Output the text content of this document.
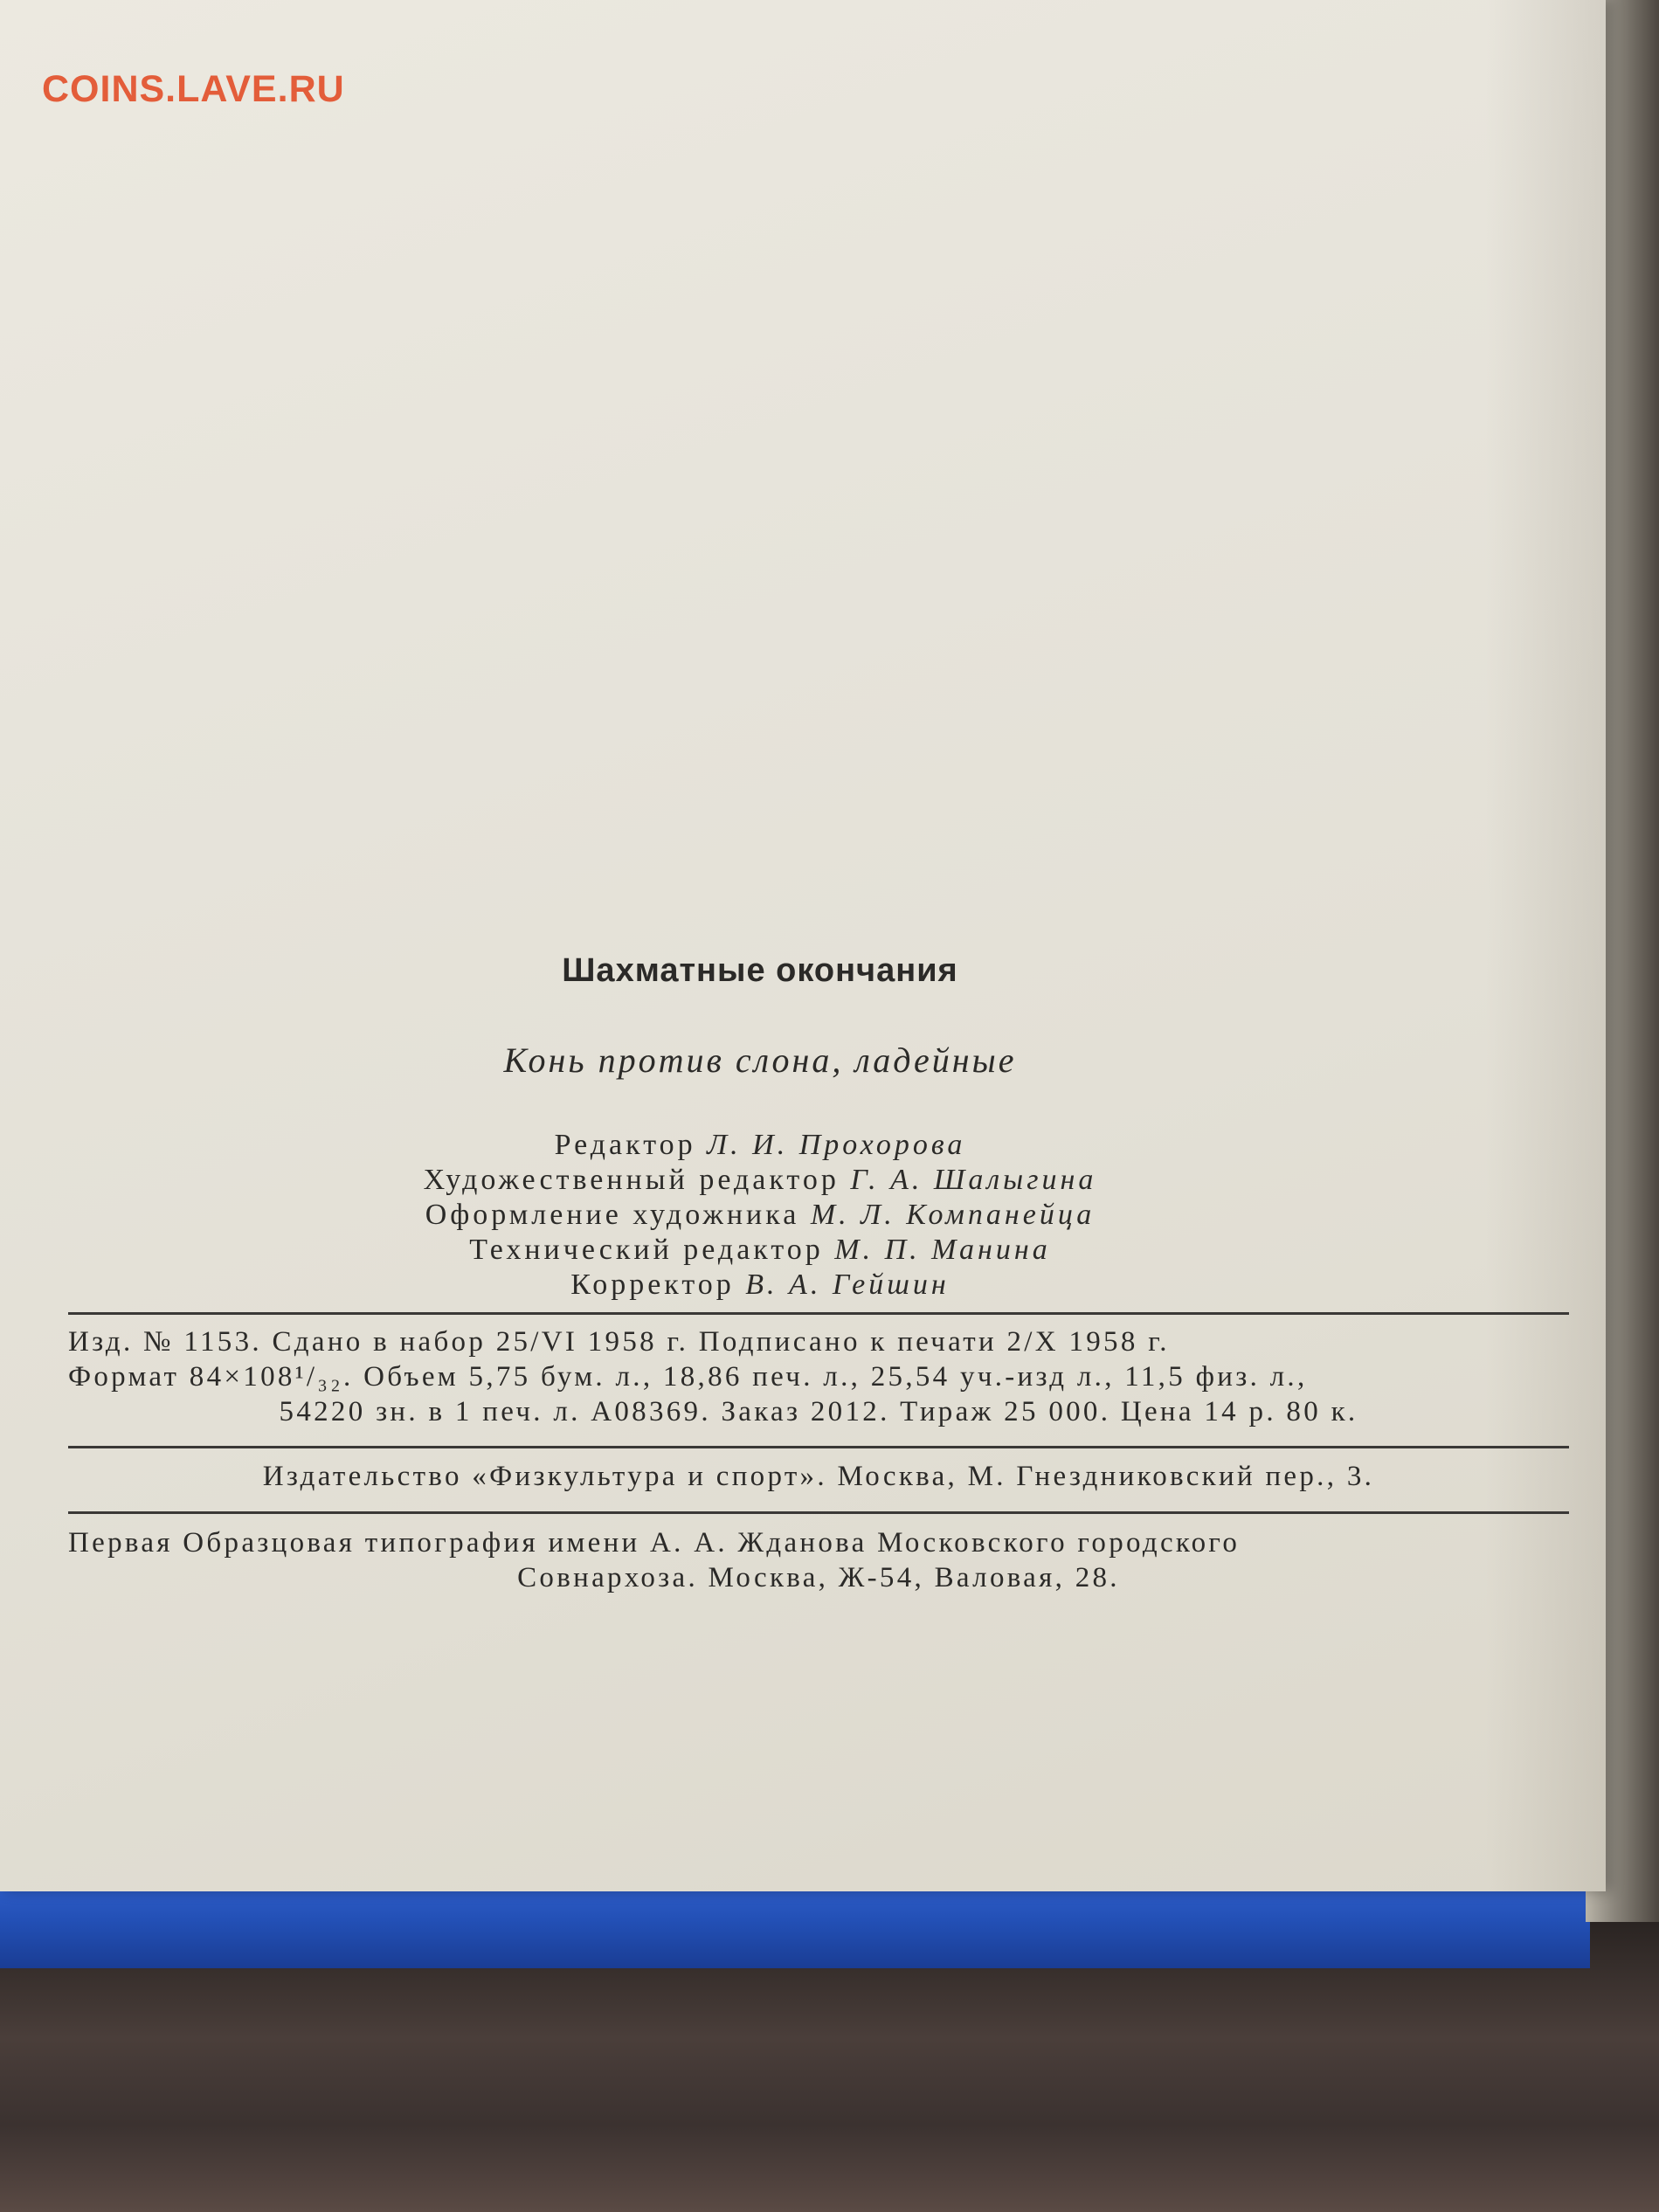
COINS.LAVE.RU
Шахматные окончания
Конь против слона, ладейные
Редактор Л. И. Прохорова
Художественный редактор Г. А. Шалыгина
Оформление художника М. Л. Компанейца
Технический редактор М. П. Манина
Корректор В. А. Гейшин
Изд. № 1153. Сдано в набор 25/VI 1958 г. Подписано к печати 2/X 1958 г.
Формат 84×108¹/₃₂. Объем 5,75 бум. л., 18,86 печ. л., 25,54 уч.-изд л., 11,5 физ. л.,
54220 зн. в 1 печ. л. А08369. Заказ 2012. Тираж 25 000. Цена 14 р. 80 к.
Издательство «Физкультура и спорт». Москва, М. Гнездниковский пер., 3.
Первая Образцовая типография имени А. А. Жданова Московского городского
Совнархоза. Москва, Ж-54, Валовая, 28.
